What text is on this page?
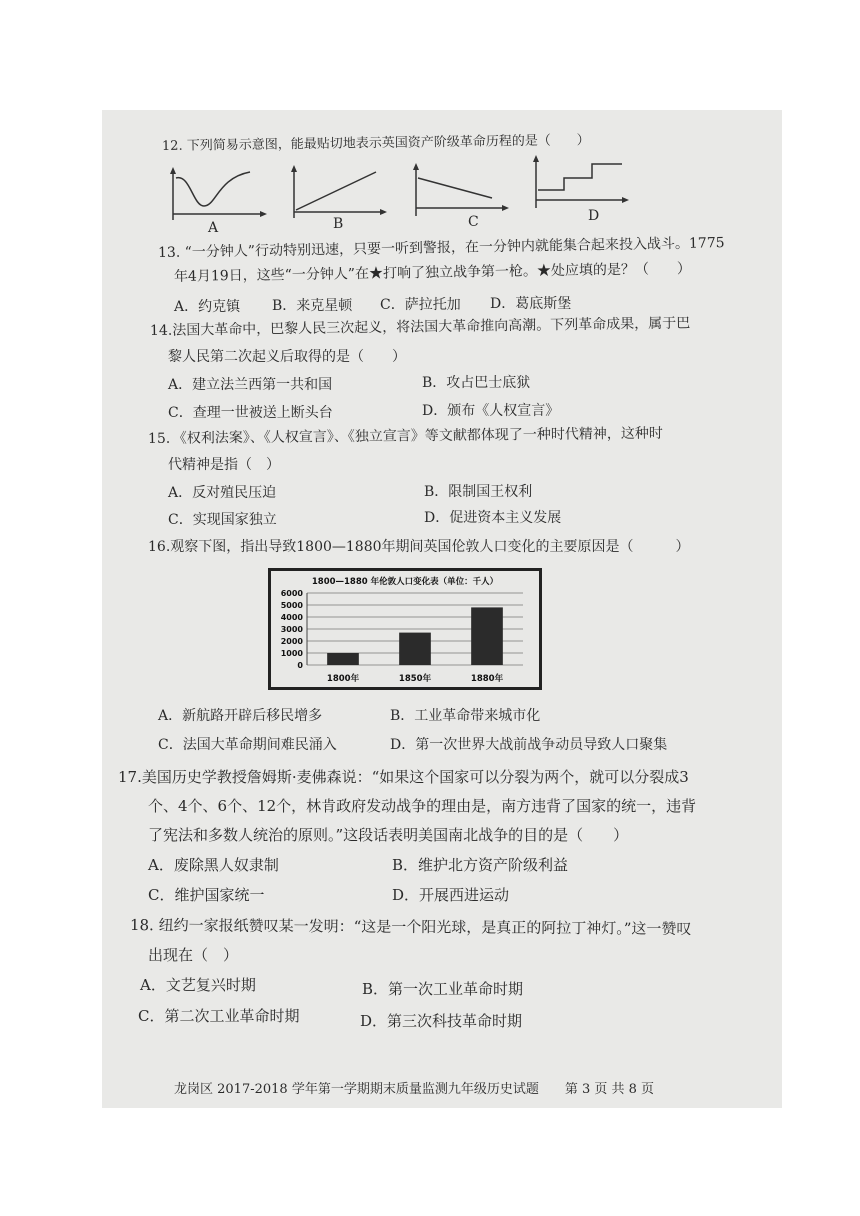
12. 下列简易示意图，能最贴切地表示英国资产阶级革命历程的是（　　）
A	B	C	D
13. “一分钟人”行动特别迅速，只要一听到警报，在一分钟内就能集合起来投入战斗。1775
年4月19日，这些“一分钟人”在★打响了独立战争第一枪。★处应填的是？（　　）
A．约克镇 B．来克星顿 C．萨拉托加 D．葛底斯堡
14.法国大革命中，巴黎人民三次起义，将法国大革命推向高潮。下列革命成果，属于巴
黎人民第二次起义后取得的是（　　）
A．建立法兰西第一共和国	B．攻占巴士底狱
C．查理一世被送上断头台	D．颁布《人权宣言》
15．《权利法案》、《人权宣言》、《独立宣言》等文献都体现了一种时代精神，这种时
代精神是指（　）
A．反对殖民压迫	B．限制国王权利
C．实现国家独立	D．促进资本主义发展
16.观察下图，指出导致1800—1880年期间英国伦敦人口变化的主要原因是（　　　）
1800—1880 年伦敦人口变化表（单位：千人）
6000
5000
4000
3000
2000
1000
0
1800年	1850年	1880年
A．新航路开辟后移民增多	B．工业革命带来城市化
C．法国大革命期间难民涌入	D．第一次世界大战前战争动员导致人口聚集
17.美国历史学教授詹姆斯·麦佛森说：“如果这个国家可以分裂为两个，就可以分裂成3
个、4个、6个、12个，林肯政府发动战争的理由是，南方违背了国家的统一，违背
了宪法和多数人统治的原则。”这段话表明美国南北战争的目的是（　　）
A．废除黑人奴隶制	B．维护北方资产阶级利益
C．维护国家统一	D．开展西进运动
18. 纽约一家报纸赞叹某一发明：“这是一个阳光球，是真正的阿拉丁神灯。”这一赞叹
出现在（　）
A．文艺复兴时期	B．第一次工业革命时期
C．第二次工业革命时期	D．第三次科技革命时期
龙岗区 2017-2018 学年第一学期期末质量监测九年级历史试题 第 3 页 共 8 页
